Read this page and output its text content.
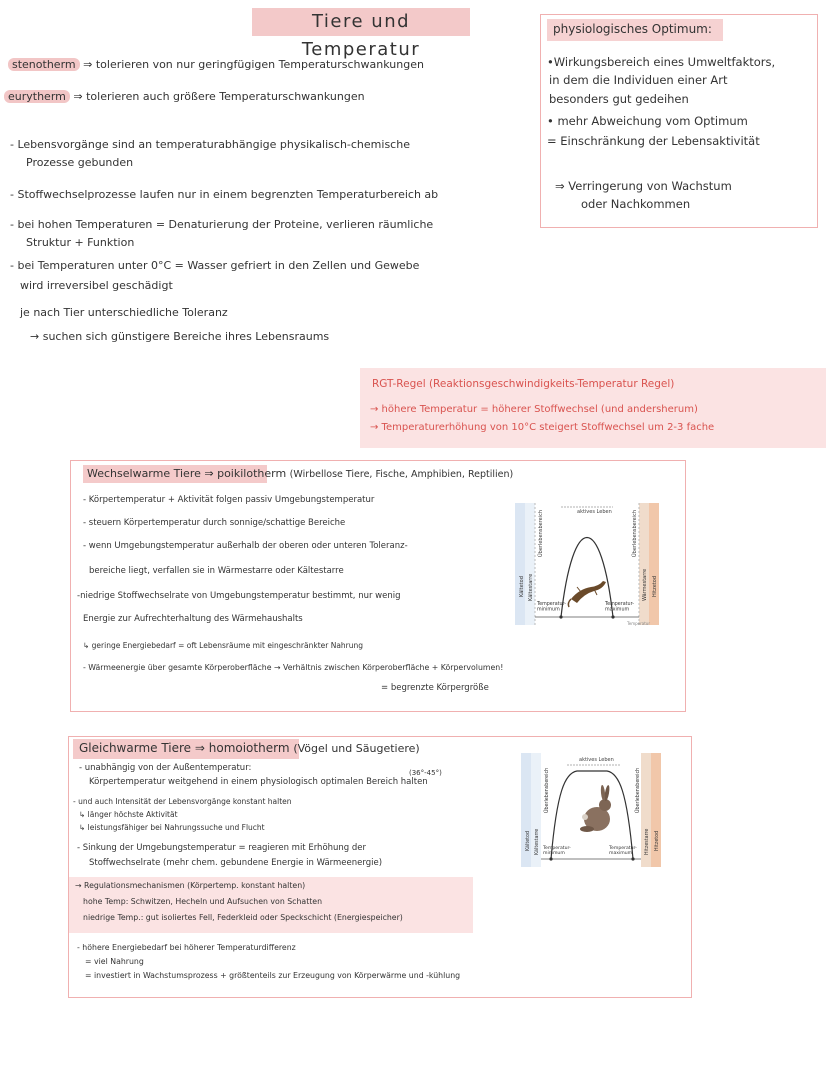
Tiere und Temperatur
stenotherm ⇒ tolerieren von nur geringfügigen Temperaturschwankungen
eurytherm ⇒ tolerieren auch größere Temperaturschwankungen
- Lebensvorgänge sind an temperaturabhängige physikalisch-chemische
Prozesse gebunden
- Stoffwechselprozesse laufen nur in einem begrenzten Temperaturbereich ab
- bei hohen Temperaturen = Denaturierung der Proteine, verlieren räumliche
Struktur + Funktion
- bei Temperaturen unter 0°C = Wasser gefriert in den Zellen und Gewebe
wird irreversibel geschädigt
je nach Tier unterschiedliche Toleranz
→ suchen sich günstigere Bereiche ihres Lebensraums
physiologisches Optimum:
•Wirkungsbereich eines Umweltfaktors,
in dem die Individuen einer Art
besonders gut gedeihen
• mehr Abweichung vom Optimum
= Einschränkung der Lebensaktivität
⇒ Verringerung von Wachstum
oder Nachkommen
RGT-Regel (Reaktionsgeschwindigkeits-Temperatur Regel)
→ höhere Temperatur = höherer Stoffwechsel (und andersherum)
→ Temperaturerhöhung von 10°C steigert Stoffwechsel um 2-3 fache
Wechselwarme Tiere ⇒ poikilotherm (Wirbellose Tiere, Fische, Amphibien, Reptilien)
- Körpertemperatur + Aktivität folgen passiv Umgebungstemperatur
- steuern Körpertemperatur durch sonnige/schattige Bereiche
- wenn Umgebungstemperatur außerhalb der oberen oder unteren Toleranz-
bereiche liegt, verfallen sie in Wärmestarre oder Kältestarre
-niedrige Stoffwechselrate von Umgebungstemperatur bestimmt, nur wenig
Energie zur Aufrechterhaltung des Wärmehaushalts
↳ geringe Energiebedarf = oft Lebensräume mit eingeschränkter Nahrung
- Wärmeenergie über gesamte Körperoberfläche → Verhältnis zwischen Körperoberfläche + Körpervolumen!
= begrenzte Körpergröße
aktives Leben
Kältetod Kältestarre
Überlebensbereich	Überlebensbereich
Wärmestarre Hitzetod
Temperatur-minimum
Temperatur-maximum
Temperatur
Gleichwarme Tiere ⇒ homoiotherm (Vögel und Säugetiere)
(36°-45°)
- unabhängig von der Außentemperatur:
Körpertemperatur weitgehend in einem physiologisch optimalen Bereich halten
- und auch Intensität der Lebensvorgänge konstant halten
↳ länger höchste Aktivität
↳ leistungsfähiger bei Nahrungssuche und Flucht
- Sinkung der Umgebungstemperatur = reagieren mit Erhöhung der
Stoffwechselrate (mehr chem. gebundene Energie in Wärmeenergie)
→ Regulationsmechanismen (Körpertemp. konstant halten)
hohe Temp: Schwitzen, Hecheln und Aufsuchen von Schatten
niedrige Temp.: gut isoliertes Fell, Federkleid oder Speckschicht (Energiespeicher)
- höhere Energiebedarf bei höherer Temperaturdifferenz
= viel Nahrung
= investiert in Wachstumsprozess + größtenteils zur Erzeugung von Körperwärme und -kühlung
aktives Leben
Kältetod Kältestarre
Überlebensbereich	Überlebensbereich
Hitzestarre Hitzetod
Temperatur-minimum
Temperatur-maximum
